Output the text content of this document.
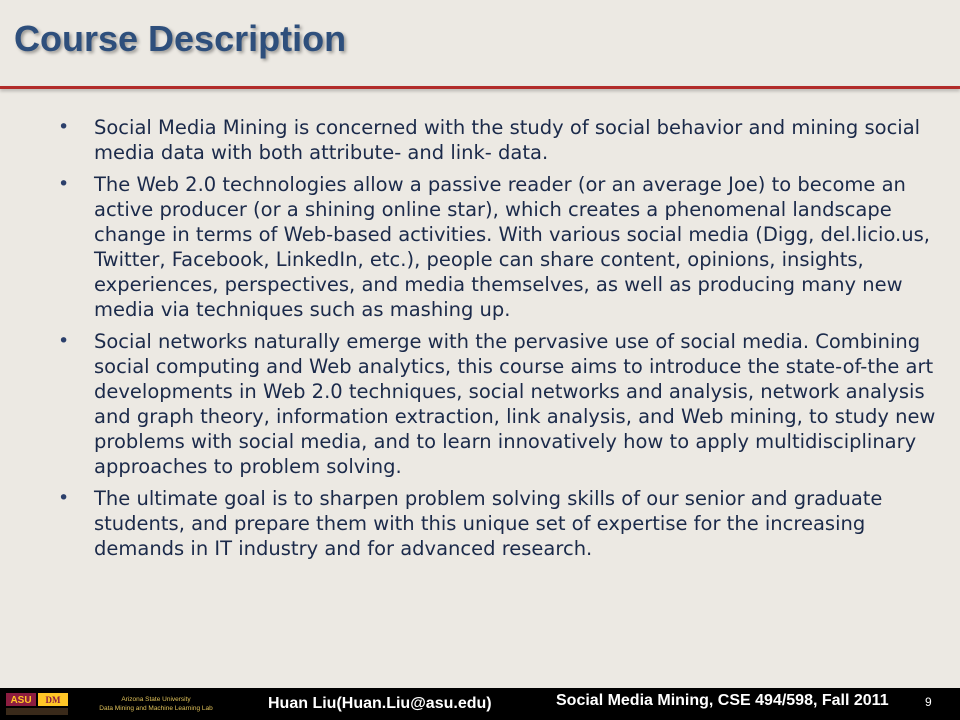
Course Description
• Social Media Mining is concerned with the study of social behavior and mining social media data with both attribute- and link- data.
• The Web 2.0 technologies allow a passive reader (or an average Joe) to become an active producer (or a shining online star), which creates a phenomenal landscape change in terms of Web-based activities. With various social media (Digg, del.licio.us, Twitter, Facebook, LinkedIn, etc.), people can share content, opinions, insights, experiences, perspectives, and media themselves, as well as producing many new media via techniques such as mashing up.
• Social networks naturally emerge with the pervasive use of social media. Combining social computing and Web analytics, this course aims to introduce the state-of-the art developments in Web 2.0 techniques, social networks and analysis, network analysis and graph theory, information extraction, link analysis, and Web mining, to study new problems with social media, and to learn innovatively how to apply multidisciplinary approaches to problem solving.
• The ultimate goal is to sharpen problem solving skills of our senior and graduate students, and prepare them with this unique set of expertise for the increasing demands in IT industry and for advanced research.
ASU DM	Arizona State University
Data Mining and Machine Learning Lab	Huan Liu(Huan.Liu@asu.edu)	Social Media Mining, CSE 494/598, Fall 2011	9
